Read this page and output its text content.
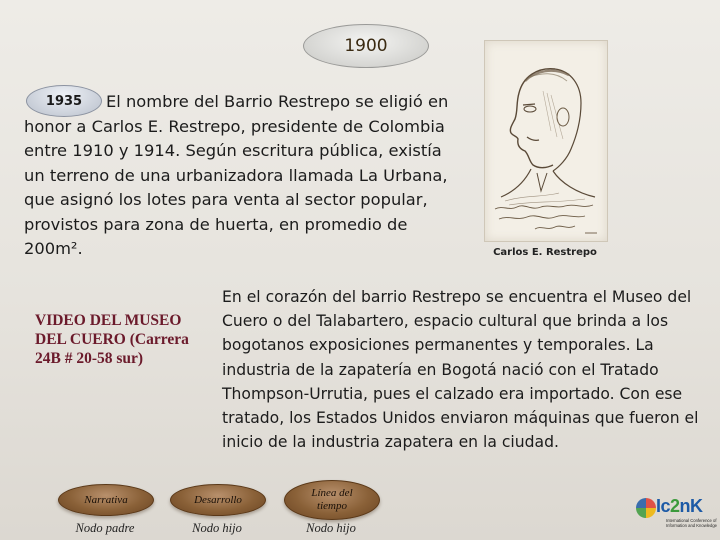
1900

El nombre del Barrio Restrepo se eligió en honor a Carlos E. Restrepo, presidente de Colombia entre 1910 y 1914. Según escritura pública, existía un terreno de una urbanizadora llamada La Urbana, que asignó los lotes para venta al sector popular, provistos para zona de huerta, en promedio de 200m².

1935
Carlos E. Restrepo
VIDEO DEL MUSEO DEL CUERO (Carrera 24B # 20-58 sur)

En el corazón del barrio Restrepo se encuentra el Museo del Cuero o del Talabartero, espacio cultural que brinda a los bogotanos exposiciones permanentes y temporales. La industria de la zapatería en Bogotá nació con el Tratado Thompson-Urrutia, pues el calzado era importado. Con ese tratado, los Estados Unidos enviaron máquinas que fueron el inicio de la industria zapatera en la ciudad.

Narrativa
Nodo padre
Desarrollo
Nodo hijo
Línea del tiempo
Nodo hijo
Ic2nK
International Conference of Information and Knowledge
